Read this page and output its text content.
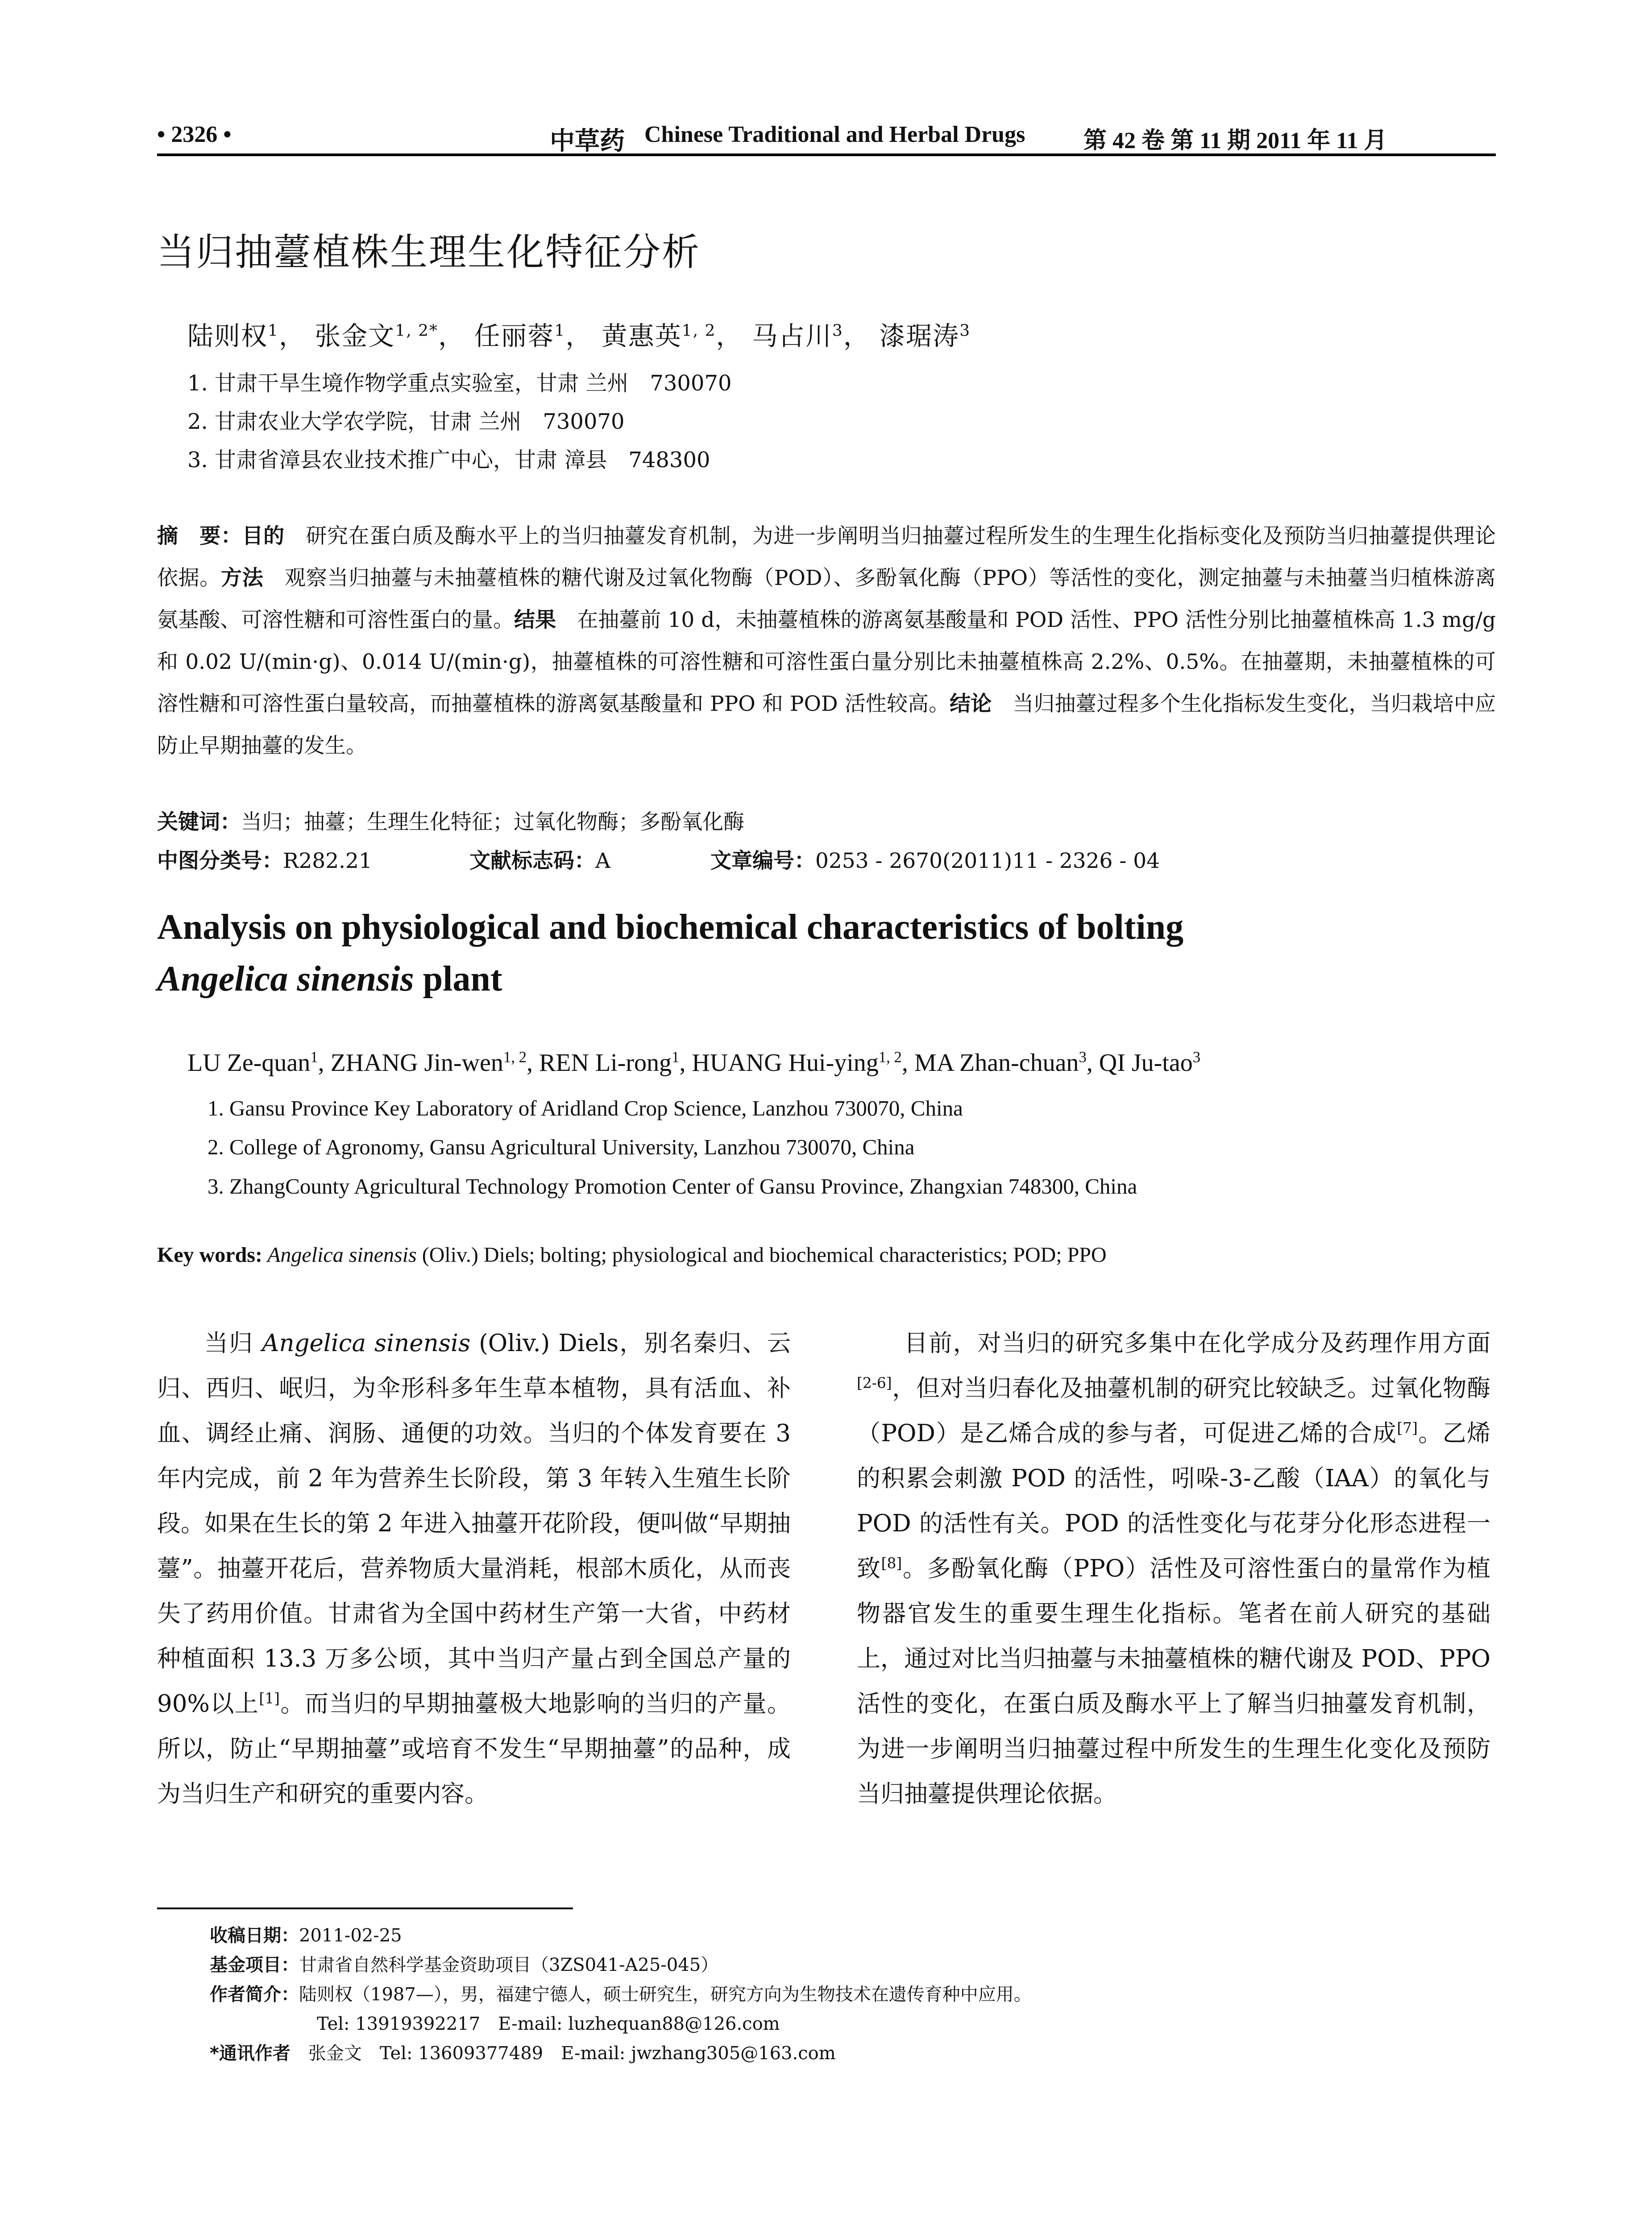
• 2326 •	中草药 Chinese Traditional and Herbal Drugs	第 42 卷 第 11 期 2011 年 11 月
当归抽薹植株生理生化特征分析
陆则权$^1$， 张金文$^{1, 2*}$， 任丽蓉$^1$， 黄惠英$^{1, 2}$， 马占川$^3$， 漆琚涛$^3$
1. 甘肃干旱生境作物学重点实验室，甘肃 兰州　730070
2. 甘肃农业大学农学院，甘肃 兰州　730070
3. 甘肃省漳县农业技术推广中心，甘肃 漳县　748300
摘　要：目的　研究在蛋白质及酶水平上的当归抽薹发育机制，为进一步阐明当归抽薹过程所发生的生理生化指标变化及预防当归抽薹提供理论依据。方法　观察当归抽薹与未抽薹植株的糖代谢及过氧化物酶（POD）、多酚氧化酶（PPO）等活性的变化，测定抽薹与未抽薹当归植株游离氨基酸、可溶性糖和可溶性蛋白的量。结果　在抽薹前 10 d，未抽薹植株的游离氨基酸量和 POD 活性、PPO 活性分别比抽薹植株高 1.3 mg/g 和 0.02 U/(min·g)、0.014 U/(min·g)，抽薹植株的可溶性糖和可溶性蛋白量分别比未抽薹植株高 2.2%、0.5%。在抽薹期，未抽薹植株的可溶性糖和可溶性蛋白量较高，而抽薹植株的游离氨基酸量和 PPO 和 POD 活性较高。结论　当归抽薹过程多个生化指标发生变化，当归栽培中应防止早期抽薹的发生。
关键词：当归；抽薹；生理生化特征；过氧化物酶；多酚氧化酶
中图分类号：R282.21	文献标志码：A	文章编号：0253 - 2670(2011)11 - 2326 - 04
Analysis on physiological and biochemical characteristics of bolting
Angelica sinensis plant
LU Ze-quan$^1$, ZHANG Jin-wen$^{1, 2}$, REN Li-rong$^1$, HUANG Hui-ying$^{1, 2}$, MA Zhan-chuan$^3$, QI Ju-tao$^3$
1. Gansu Province Key Laboratory of Aridland Crop Science, Lanzhou 730070, China
2. College of Agronomy, Gansu Agricultural University, Lanzhou 730070, China
3. ZhangCounty Agricultural Technology Promotion Center of Gansu Province, Zhangxian 748300, China
Key words: Angelica sinensis (Oliv.) Diels; bolting; physiological and biochemical characteristics; POD; PPO

当归 Angelica sinensis (Oliv.) Diels，别名秦归、云归、西归、岷归，为伞形科多年生草本植物，具有活血、补血、调经止痛、润肠、通便的功效。当归的个体发育要在 3 年内完成，前 2 年为营养生长阶段，第 3 年转入生殖生长阶段。如果在生长的第 2 年进入抽薹开花阶段，便叫做“早期抽薹”。抽薹开花后，营养物质大量消耗，根部木质化，从而丧失了药用价值。甘肃省为全国中药材生产第一大省，中药材种植面积 13.3 万多公顷，其中当归产量占到全国总产量的 90%以上[1]。而当归的早期抽薹极大地影响的当归的产量。所以，防止“早期抽薹”或培育不发生“早期抽薹”的品种，成为当归生产和研究的重要内容。

目前，对当归的研究多集中在化学成分及药理作用方面[2-6]，但对当归春化及抽薹机制的研究比较缺乏。过氧化物酶（POD）是乙烯合成的参与者，可促进乙烯的合成[7]。乙烯的积累会刺激 POD 的活性，吲哚-3-乙酸（IAA）的氧化与 POD 的活性有关。POD 的活性变化与花芽分化形态进程一致[8]。多酚氧化酶（PPO）活性及可溶性蛋白的量常作为植物器官发生的重要生理生化指标。笔者在前人研究的基础上，通过对比当归抽薹与未抽薹植株的糖代谢及 POD、PPO 活性的变化，在蛋白质及酶水平上了解当归抽薹发育机制，为进一步阐明当归抽薹过程中所发生的生理生化变化及预防当归抽薹提供理论依据。

收稿日期：2011-02-25
基金项目：甘肃省自然科学基金资助项目（3ZS041-A25-045）
作者简介：陆则权（1987—），男，福建宁德人，硕士研究生，研究方向为生物技术在遗传育种中应用。
Tel: 13919392217　E-mail: luzhequan88@126.com
*通讯作者　张金文　Tel: 13609377489　E-mail: jwzhang305@163.com
